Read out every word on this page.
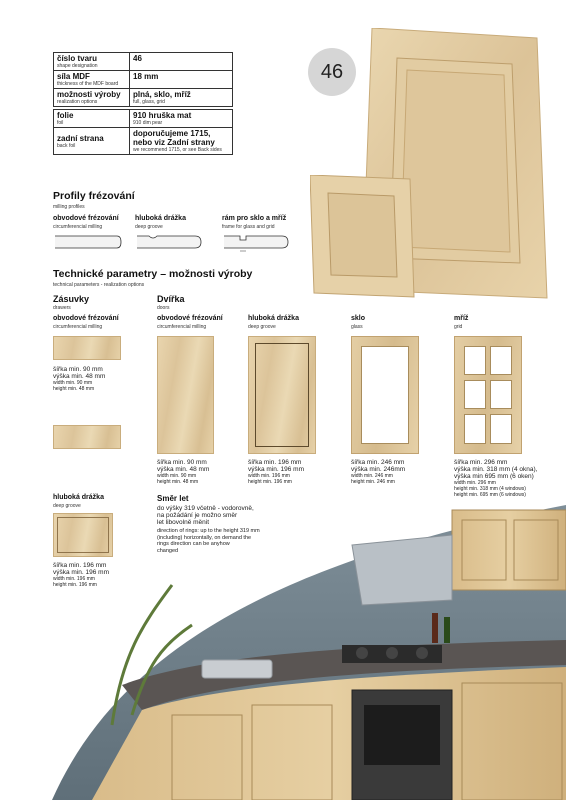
číslo tvaru
shape designation	46

síla MDF
thickness of the MDF board	18 mm

možnosti výroby
realization options	plná, sklo, mříž
full, glass, grid

folie
foil	910 hruška mat
910 dim pear

zadní strana
back foil	doporučujeme 1715, nebo viz Zadní strany
we recommend 1715, or see Back sides
46
Profily frézování
milling profiles
obvodové frézování
circumferencial milling
hluboká drážka
deep groove
rám pro sklo a mříž
frame for glass and grid
Technické parametry – možnosti výroby
technical parameters - realization options
Zásuvky
drawers
obvodové frézování
circumferencial milling
šířka min. 90 mm
výška min. 48 mm
width min. 90 mm
height min. 48 mm
hluboká drážka
deep groove
šířka min. 196 mm
výška min. 196 mm
width min. 196 mm
height min. 196 mm
Dvířka
doors
obvodové frézování
circumferencial milling
šířka min. 90 mm
výška min. 48 mm
width min. 90 mm
height min. 48 mm
hluboká drážka
deep groove
šířka min. 196 mm
výška min. 196 mm
width min. 196 mm
height min. 196 mm
sklo
glass
šířka min. 246 mm
výška min. 246mm
width min. 246 mm
height min. 246 mm
mříž
grid
šířka min. 296 mm
výška min. 318 mm (4 okna),
výška min 695 mm (6 oken)
width min. 296 mm
height min. 318 mm (4 windows)
height min. 695 mm (6 windows)
Směr let
do výšky 319 včetně - vodorovně,
na požádání je možno směr
let libovolně měnit
direction of rings: up to the height 319 mm
(including) horizontally, on demand the
rings direction can be anyhow
changed
